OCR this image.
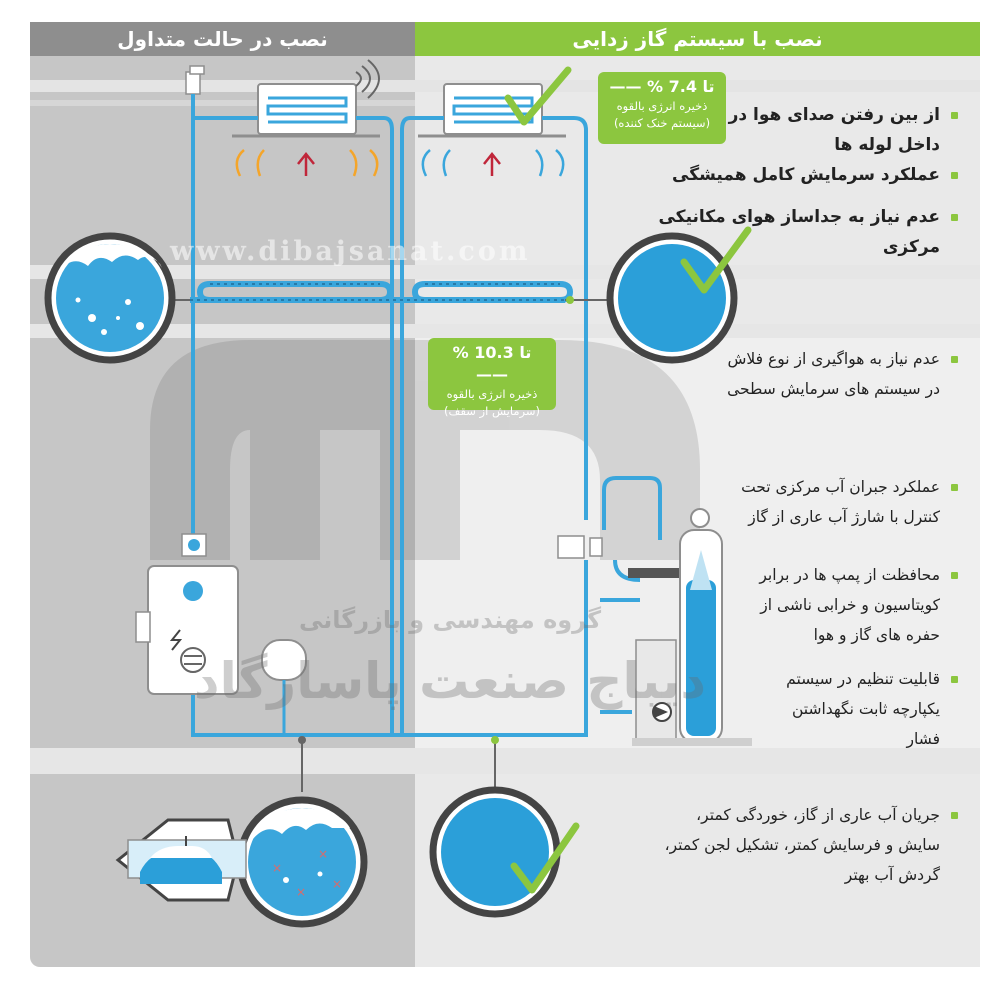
×
×
×
×
نصب در حالت متداول	نصب با سیستم گاز زدایی
www.dibajsanat.com
گروه مهندسی و بازرگانی
دیباج صنعت پاسارگاد
تا 7.4 % ——
ذخیره انرژی بالقوه
(سیستم خنک کننده)
تا 10.3 % ——
ذخیره انرژی بالقوه
(سرمایش از سقف)
از بین رفتن صدای هوا در
داخل لوله ها
عملکرد سرمایش کامل همیشگی
عدم نیاز به جداساز هوای مکانیکی مرکزی
عدم نیاز به هواگیری از نوع فلاش
در سیستم های سرمایش سطحی
عملکرد جبران آب مرکزی تحت
کنترل با شارژ آب عاری از گاز
محافظت از پمپ ها در برابر
کویتاسیون و خرابی ناشی از
حفره های گاز و هوا
قابلیت تنظیم در سیستم
یکپارچه ثابت نگهداشتن
فشار
جریان آب عاری از گاز، خوردگی کمتر،
سایش و فرسایش کمتر، تشکیل لجن کمتر،
گردش آب بهتر
